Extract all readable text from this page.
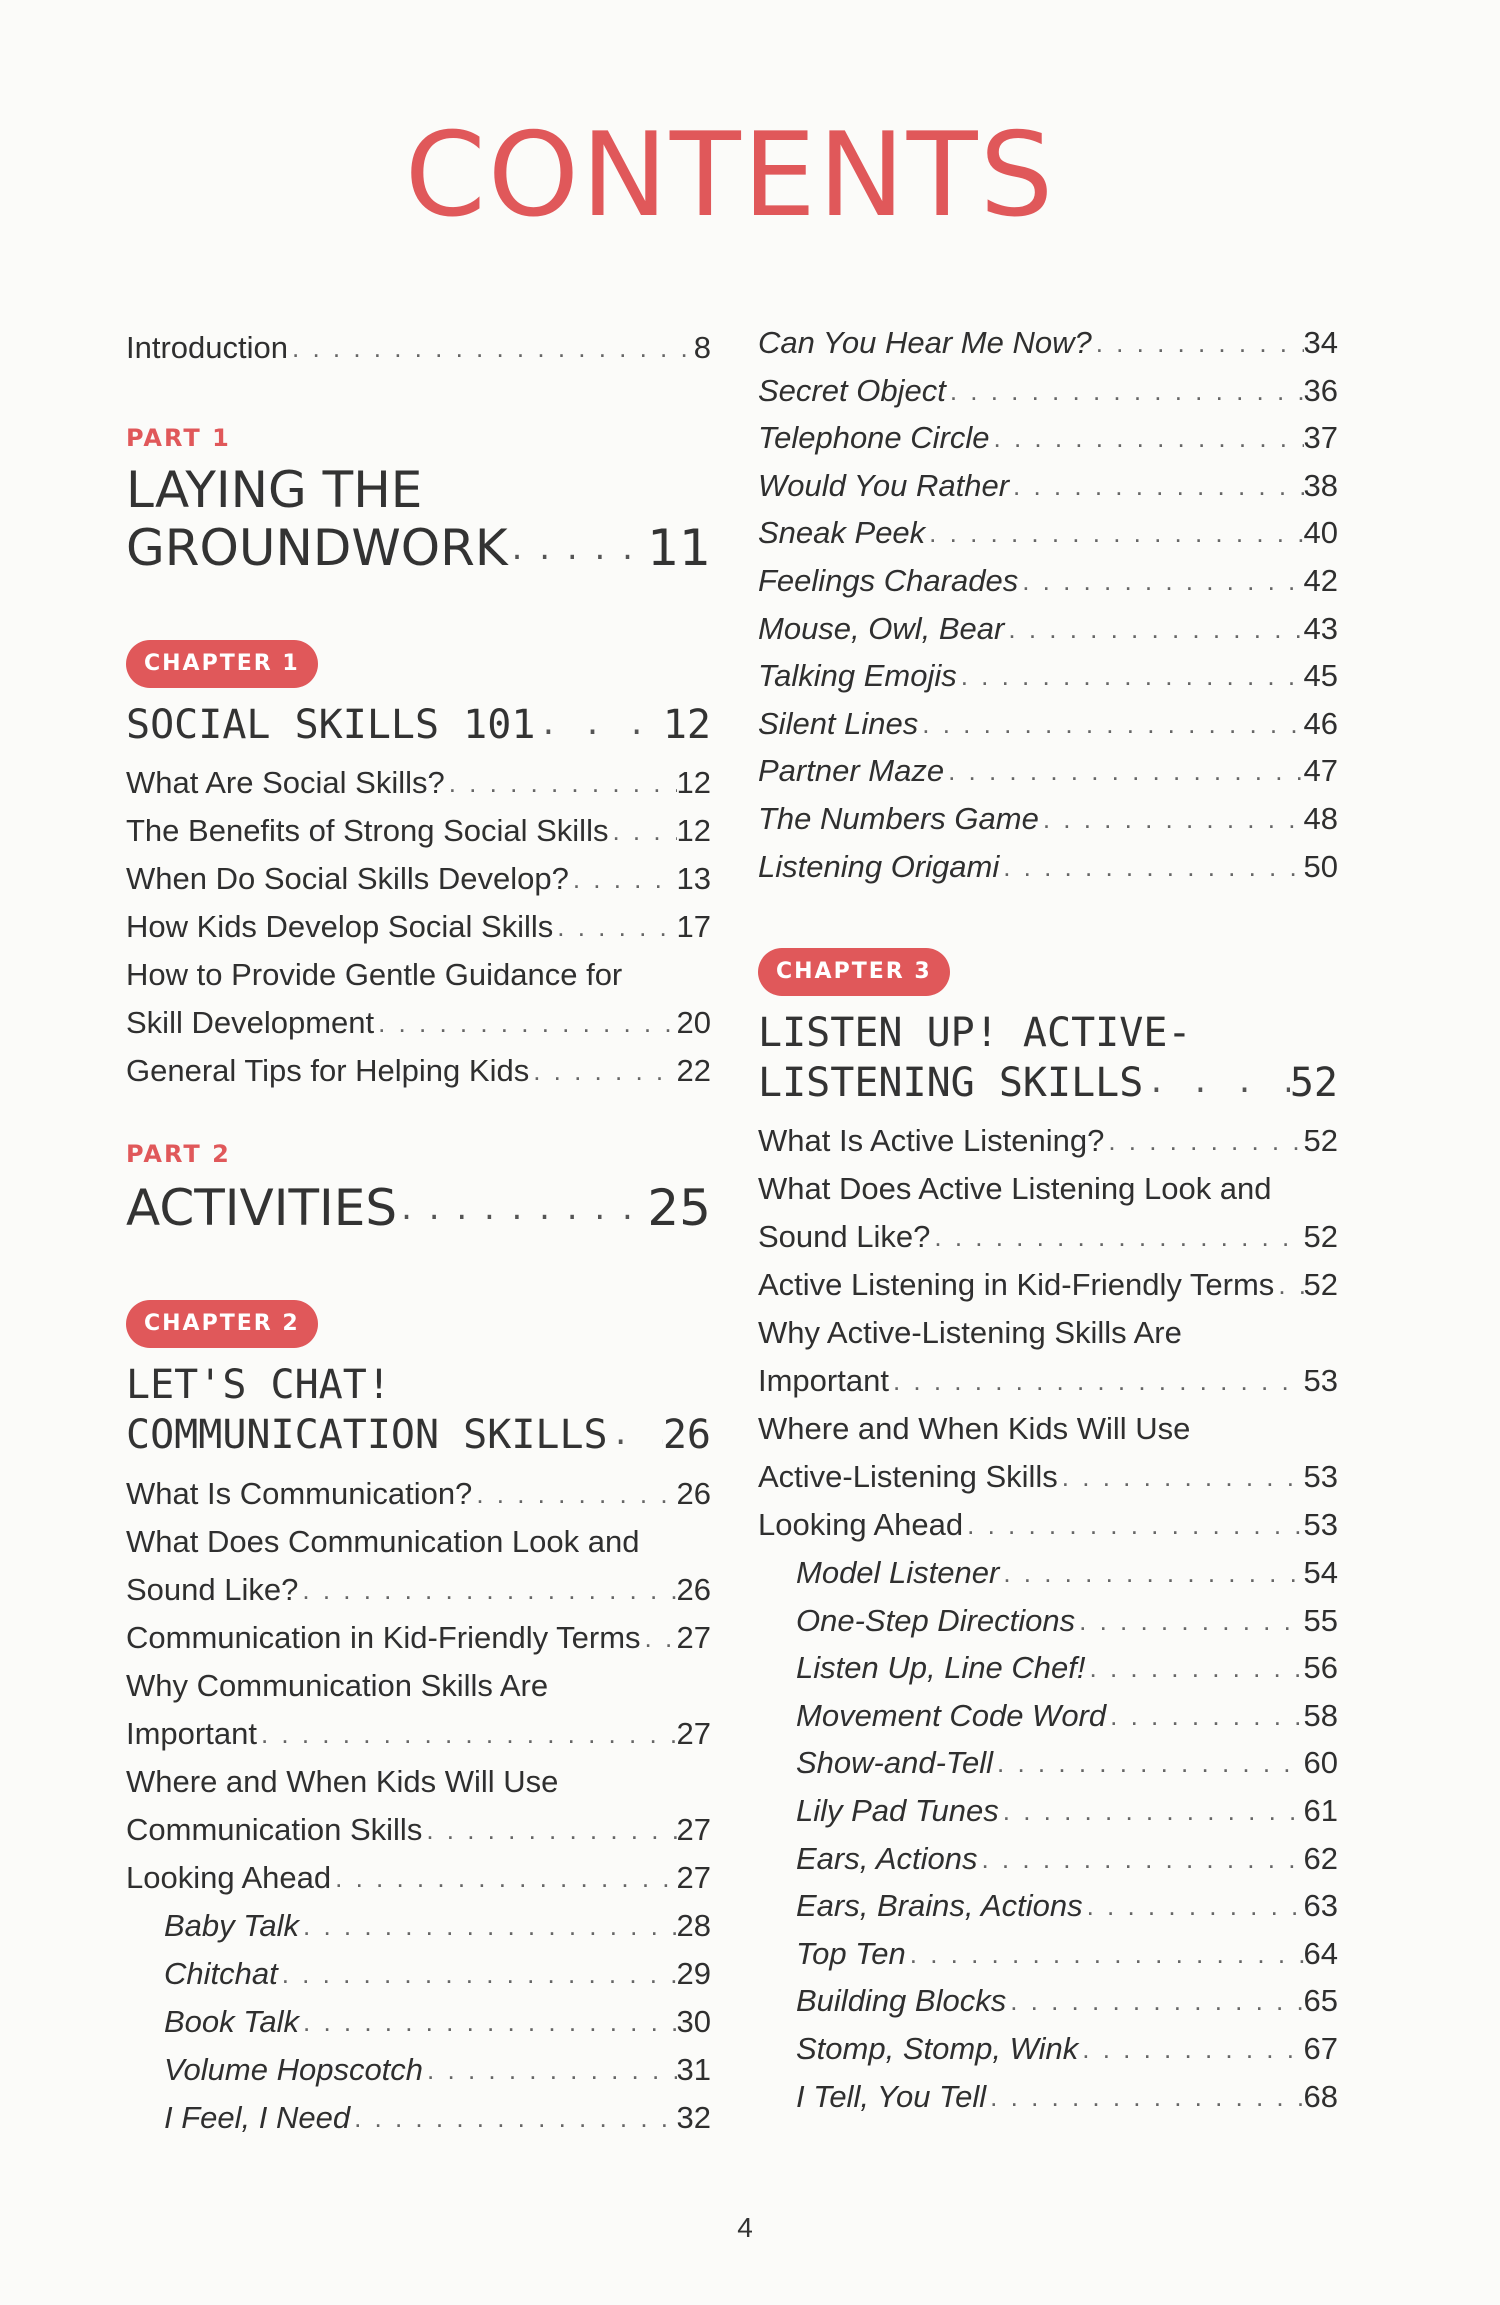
CONTENTS
Introduction . . .	8
PART 1
LAYING THE
GROUNDWORK . . .	11
CHAPTER 1
SOCIAL SKILLS 101 . . .	12
What Are Social Skills? . . .	12
The Benefits of Strong Social Skills . . . 12
When Do Social Skills Develop? . . .	13
How Kids Develop Social Skills . . .	17
How to Provide Gentle Guidance for
Skill Development . . .	20
General Tips for Helping Kids . . .	22
PART 2
ACTIVITIES . . .	25
CHAPTER 2
LET'S CHAT!
COMMUNICATION SKILLS . . . 26
What Is Communication? . . .	26
What Does Communication Look and
Sound Like? . . .	26
Communication in Kid-Friendly Terms . . . 27
Why Communication Skills Are
Important . . .	27
Where and When Kids Will Use
Communication Skills . . .	27
Looking Ahead . . .	27
Baby Talk . . .	28
Chitchat . . .	29
Book Talk . . .	30
Volume Hopscotch . . .	31
I Feel, I Need . . .	32
Can You Hear Me Now? . . .	34
Secret Object . . .	36
Telephone Circle . . .	37
Would You Rather . . .	38
Sneak Peek . . .	40
Feelings Charades . . .	42
Mouse, Owl, Bear . . .	43
Talking Emojis . . .	45
Silent Lines . . .	46
Partner Maze . . .	47
The Numbers Game . . .	48
Listening Origami . . .	50
CHAPTER 3
LISTEN UP! ACTIVE-
LISTENING SKILLS . . .	52
What Is Active Listening? . . .	52
What Does Active Listening Look and
Sound Like? . . .	52
Active Listening in Kid-Friendly Terms . . . 52
Why Active-Listening Skills Are
Important . . .	53
Where and When Kids Will Use
Active-Listening Skills . . .	53
Looking Ahead . . .	53
Model Listener . . .	54
One-Step Directions . . .	55
Listen Up, Line Chef! . . .	56
Movement Code Word . . .	58
Show-and-Tell . . .	60
Lily Pad Tunes . . .	61
Ears, Actions . . .	62
Ears, Brains, Actions . . .	63
Top Ten . . .	64
Building Blocks . . .	65
Stomp, Stomp, Wink . . .	67
I Tell, You Tell . . .	68
4
